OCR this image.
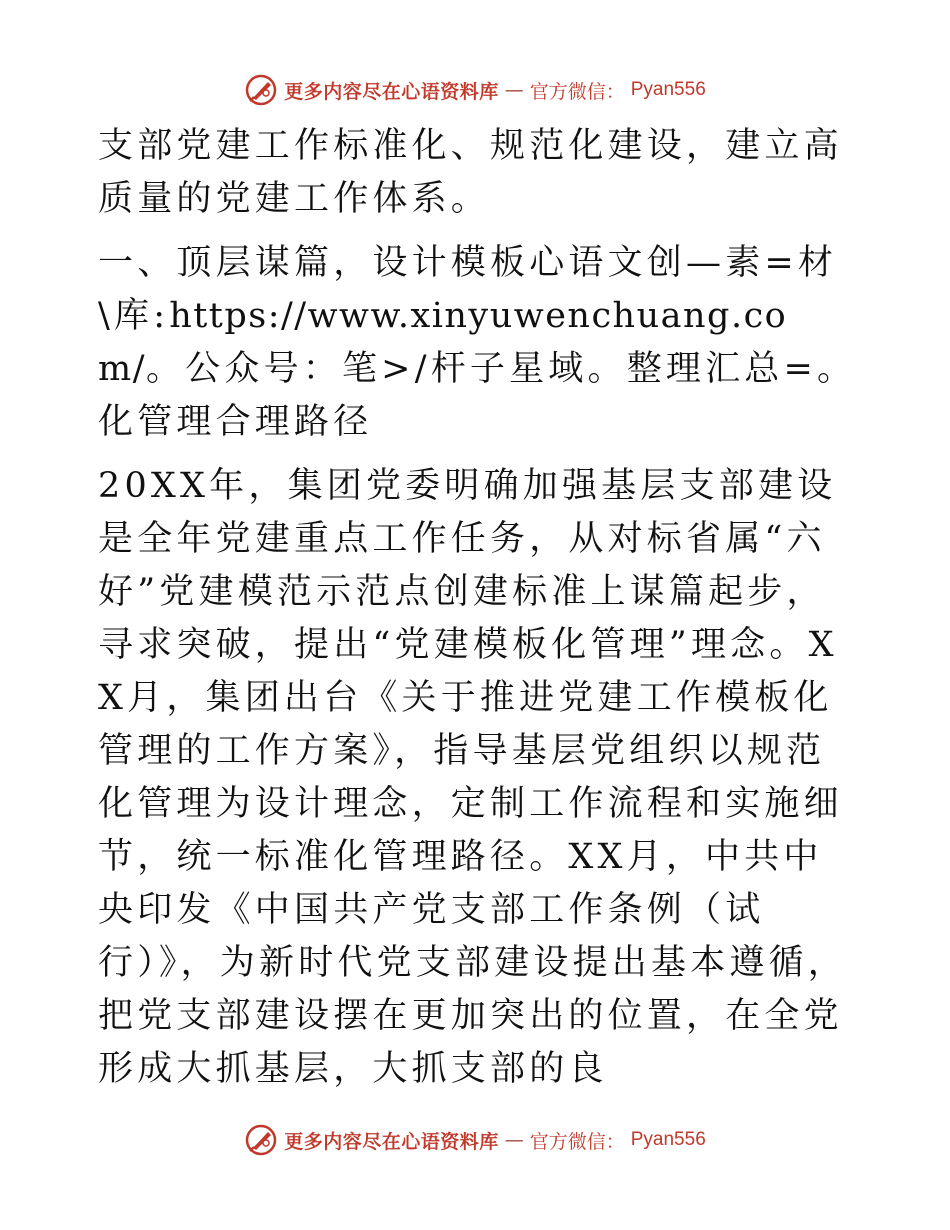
更多内容尽在心语资料库 — 官方微信： Pyan556

支部党建工作标准化、规范化建设，建立高质量的党建工作体系。

一、顶层谋篇，设计模板心语文创—素=材\库:https://www.xinyuwenchuang.com/。公众号：笔>/杆子星域。整理汇总=。化管理合理路径

20XX年，集团党委明确加强基层支部建设是全年党建重点工作任务，从对标省属“六好”党建模范示范点创建标准上谋篇起步，寻求突破，提出“党建模板化管理”理念。XX月，集团出台《关于推进党建工作模板化管理的工作方案》，指导基层党组织以规范化管理为设计理念，定制工作流程和实施细节，统一标准化管理路径。XX月，中共中央印发《中国共产党支部工作条例（试行）》，为新时代党支部建设提出基本遵循，把党支部建设摆在更加突出的位置，在全党形成大抓基层，大抓支部的良

更多内容尽在心语资料库 — 官方微信： Pyan556
